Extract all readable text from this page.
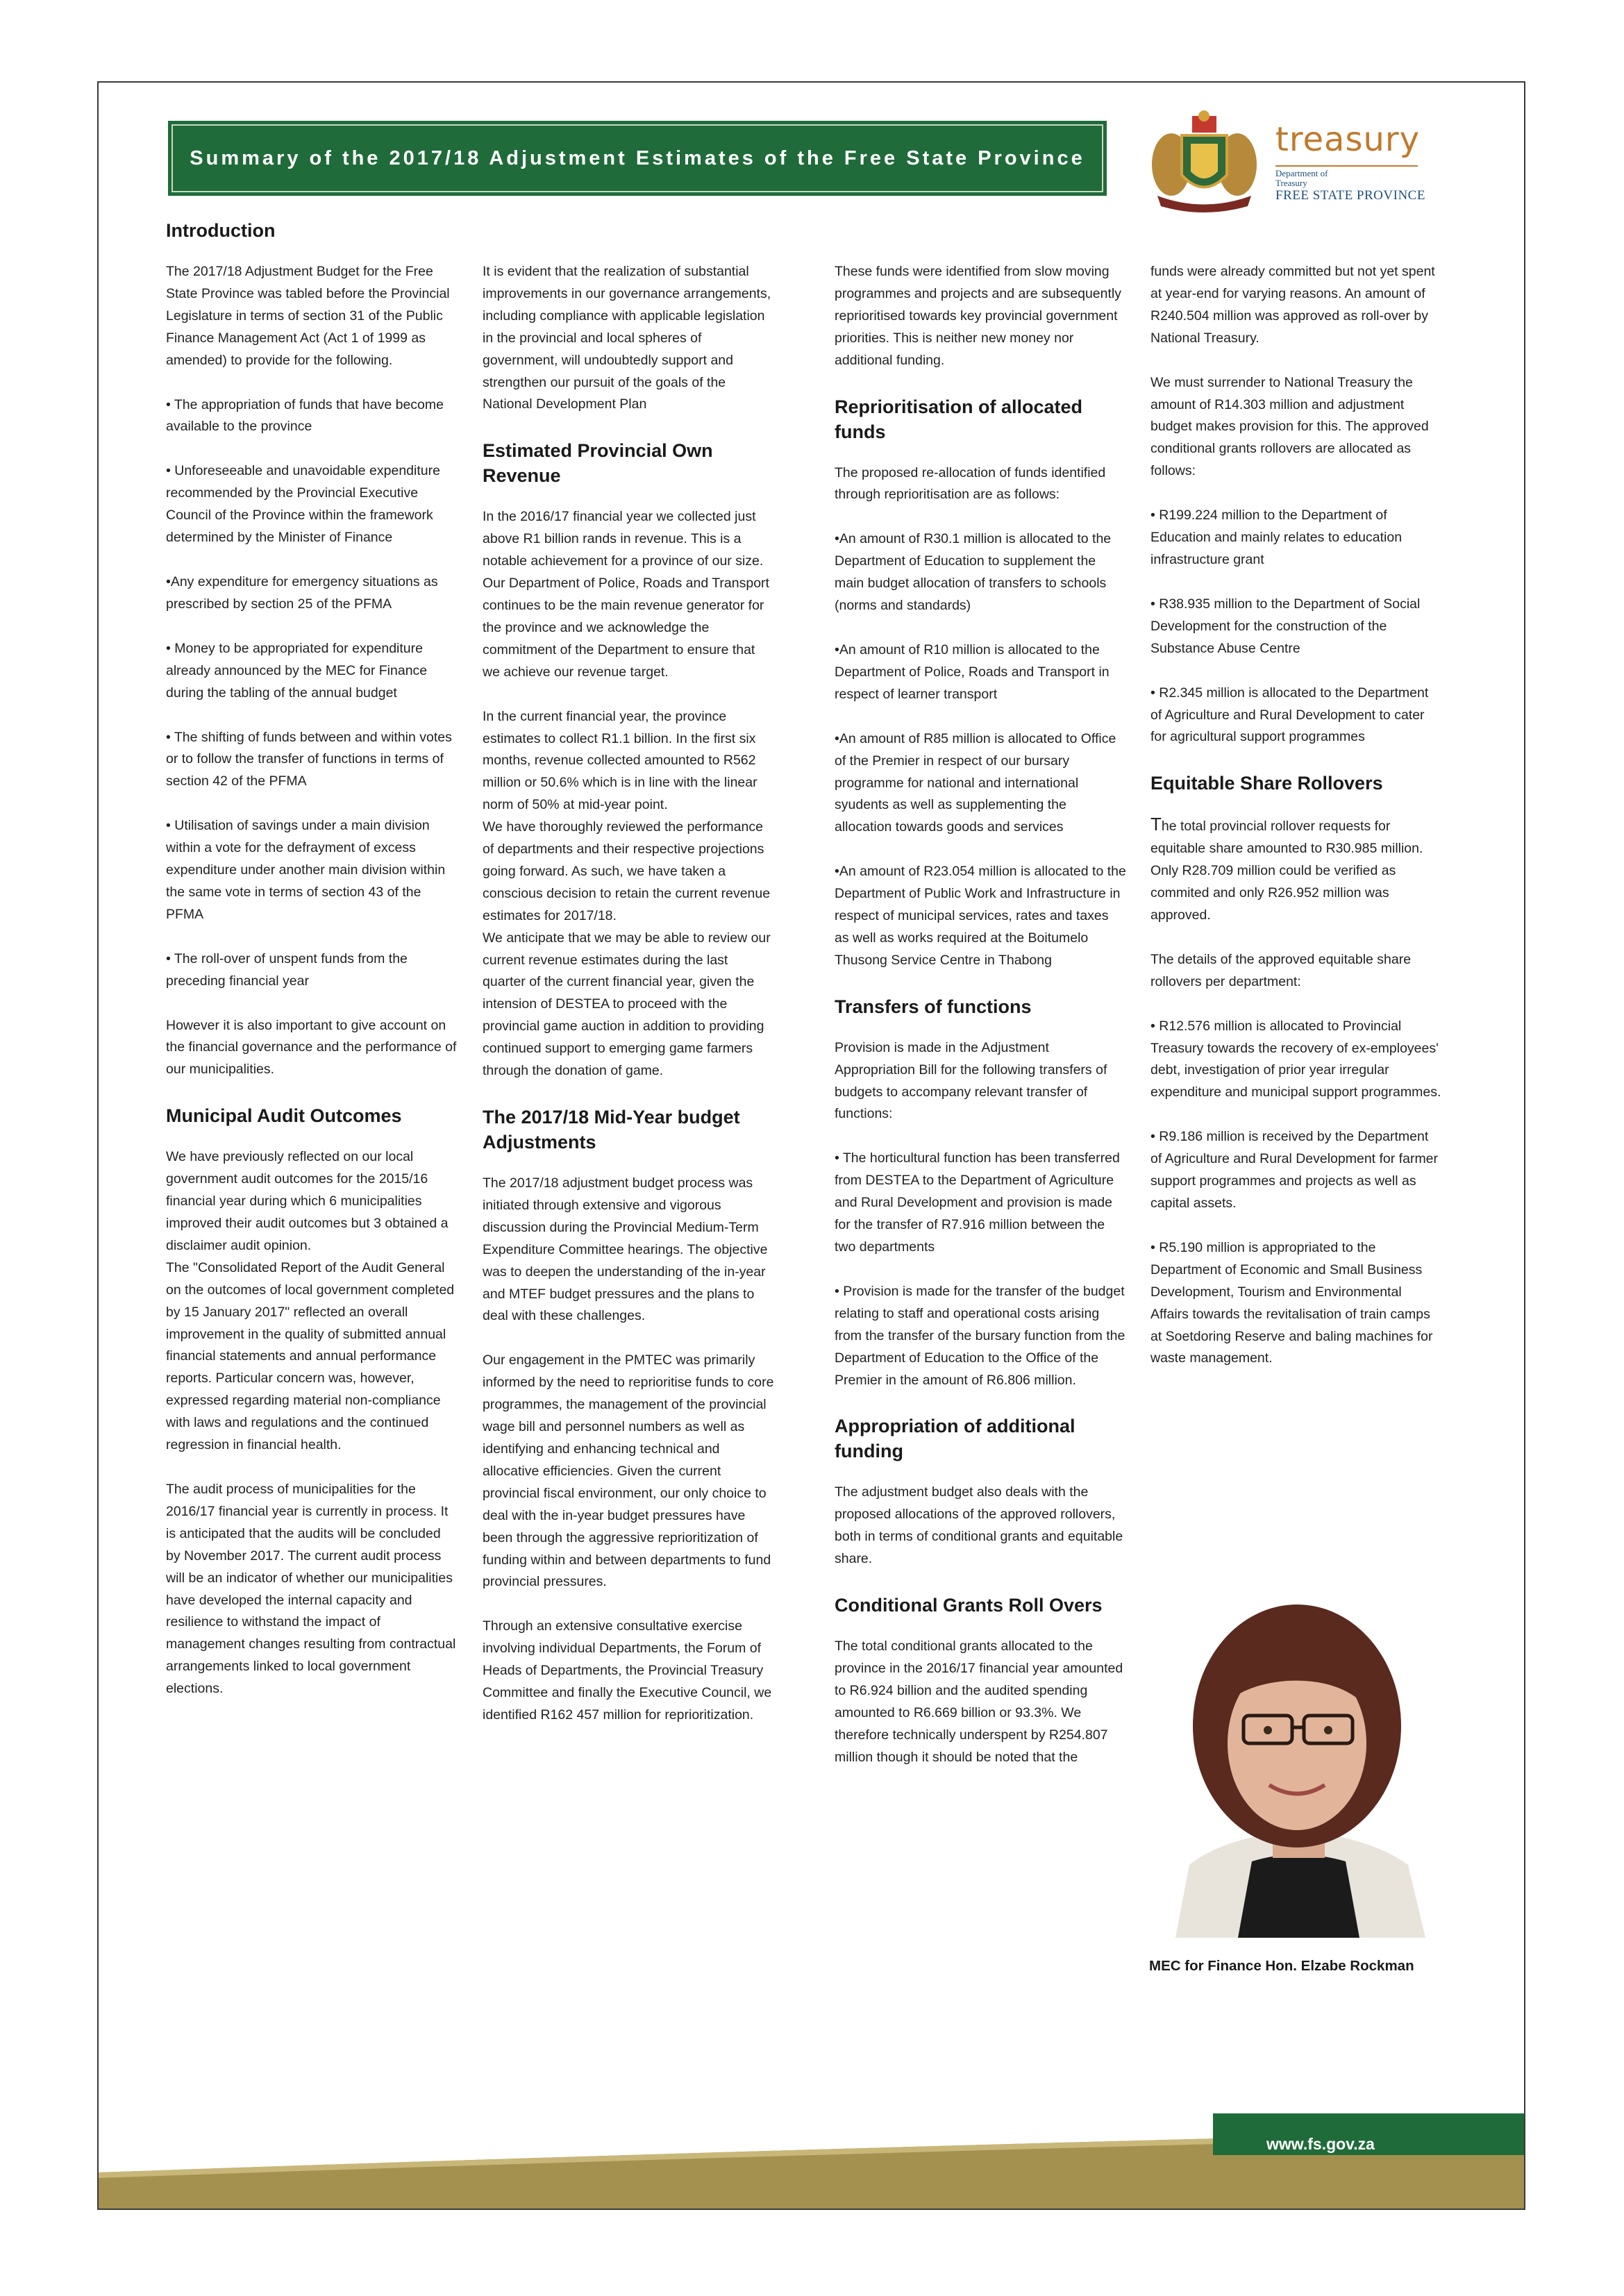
Summary of the 2017/18 Adjustment Estimates of the Free State Province	treasury
Department of
Treasury
FREE STATE PROVINCE
Introduction
The 2017/18 Adjustment Budget for the Free State Province was tabled before the Provincial Legislature in terms of section 31 of the Public Finance Management Act (Act 1 of 1999 as amended) to provide for the following.
• The appropriation of funds that have become available to the province
• Unforeseeable and unavoidable expenditure recommended by the Provincial Executive Council of the Province within the framework determined by the Minister of Finance
•Any expenditure for emergency situations as prescribed by section 25 of the PFMA
• Money to be appropriated for expenditure already announced by the MEC for Finance during the tabling of the annual budget
• The shifting of funds between and within votes or to follow the transfer of functions in terms of section 42 of the PFMA
• Utilisation of savings under a main division within a vote for the defrayment of excess expenditure under another main division within the same vote in terms of section 43 of the PFMA
• The roll-over of unspent funds from the preceding financial year
However it is also important to give account on the financial governance and the performance of our municipalities.
Municipal Audit Outcomes
We have previously reflected on our local government audit outcomes for the 2015/16 financial year during which 6 municipalities improved their audit outcomes but 3 obtained a disclaimer audit opinion.
The "Consolidated Report of the Audit General on the outcomes of local government completed by 15 January 2017" reflected an overall improvement in the quality of submitted annual financial statements and annual performance reports. Particular concern was, however, expressed regarding material non-compliance with laws and regulations and the continued regression in financial health.
The audit process of municipalities for the 2016/17 financial year is currently in process. It is anticipated that the audits will be concluded by November 2017. The current audit process will be an indicator of whether our municipalities have developed the internal capacity and resilience to withstand the impact of management changes resulting from contractual arrangements linked to local government elections.
It is evident that the realization of substantial improvements in our governance arrangements, including compliance with applicable legislation in the provincial and local spheres of government, will undoubtedly support and strengthen our pursuit of the goals of the National Development Plan
Estimated Provincial Own Revenue
In the 2016/17 financial year we collected just above R1 billion rands in revenue. This is a notable achievement for a province of our size. Our Department of Police, Roads and Transport continues to be the main revenue generator for the province and we acknowledge the commitment of the Department to ensure that we achieve our revenue target.
In the current financial year, the province estimates to collect R1.1 billion. In the first six months, revenue collected amounted to R562 million or 50.6% which is in line with the linear norm of 50% at mid-year point.
We have thoroughly reviewed the performance of departments and their respective projections going forward. As such, we have taken a conscious decision to retain the current revenue estimates for 2017/18.
We anticipate that we may be able to review our current revenue estimates during the last quarter of the current financial year, given the intension of DESTEA to proceed with the provincial game auction in addition to providing continued support to emerging game farmers through the donation of game.
The 2017/18 Mid-Year budget Adjustments
The 2017/18 adjustment budget process was initiated through extensive and vigorous discussion during the Provincial Medium-Term Expenditure Committee hearings. The objective was to deepen the understanding of the in-year and MTEF budget pressures and the plans to deal with these challenges.
Our engagement in the PMTEC was primarily informed by the need to reprioritise funds to core programmes, the management of the provincial wage bill and personnel numbers as well as identifying and enhancing technical and allocative efficiencies. Given the current provincial fiscal environment, our only choice to deal with the in-year budget pressures have been through the aggressive reprioritization of funding within and between departments to fund provincial pressures.
Through an extensive consultative exercise involving individual Departments, the Forum of Heads of Departments, the Provincial Treasury Committee and finally the Executive Council, we identified R162 457 million for reprioritization.
These funds were identified from slow moving programmes and projects and are subsequently reprioritised towards key provincial government priorities. This is neither new money nor additional funding.
Reprioritisation of allocated funds
The proposed re-allocation of funds identified through reprioritisation are as follows:
•An amount of R30.1 million is allocated to the Department of Education to supplement the main budget allocation of transfers to schools (norms and standards)
•An amount of R10 million is allocated to the Department of Police, Roads and Transport in respect of learner transport
•An amount of R85 million is allocated to Office of the Premier in respect of our bursary programme for national and international syudents as well as supplementing the allocation towards goods and services
•An amount of R23.054 million is allocated to the Department of Public Work and Infrastructure in respect of municipal services, rates and taxes as well as works required at the Boitumelo Thusong Service Centre in Thabong
Transfers of functions
Provision is made in the Adjustment Appropriation Bill for the following transfers of budgets to accompany relevant transfer of functions:
• The horticultural function has been transferred from DESTEA to the Department of Agriculture and Rural Development and provision is made for the transfer of R7.916 million between the two departments
• Provision is made for the transfer of the budget relating to staff and operational costs arising from the transfer of the bursary function from the Department of Education to the Office of the Premier in the amount of R6.806 million.
Appropriation of additional funding
The adjustment budget also deals with the proposed allocations of the approved rollovers, both in terms of conditional grants and equitable share.
Conditional Grants Roll Overs
The total conditional grants allocated to the province in the 2016/17 financial year amounted to R6.924 billion and the audited spending amounted to R6.669 billion or 93.3%. We therefore technically underspent by R254.807 million though it should be noted that the
funds were already committed but not yet spent at year-end for varying reasons. An amount of R240.504 million was approved as roll-over by National Treasury.
We must surrender to National Treasury the amount of R14.303 million and adjustment budget makes provision for this. The approved conditional grants rollovers are allocated as follows:
• R199.224 million to the Department of Education and mainly relates to education infrastructure grant
• R38.935 million to the Department of Social Development for the construction of the Substance Abuse Centre
• R2.345 million is allocated to the Department of Agriculture and Rural Development to cater for agricultural support programmes
Equitable Share Rollovers
The total provincial rollover requests for equitable share amounted to R30.985 million. Only R28.709 million could be verified as commited and only R26.952 million was approved.
The details of the approved equitable share rollovers per department:
• R12.576 million is allocated to Provincial Treasury towards the recovery of ex-employees' debt, investigation of prior year irregular expenditure and municipal support programmes.
• R9.186 million is received by the Department of Agriculture and Rural Development for farmer support programmes and projects as well as capital assets.
• R5.190 million is appropriated to the Department of Economic and Small Business Development, Tourism and Environmental Affairs towards the revitalisation of train camps at Soetdoring Reserve and baling machines for waste management.
MEC for Finance Hon. Elzabe Rockman
www.fs.gov.za
